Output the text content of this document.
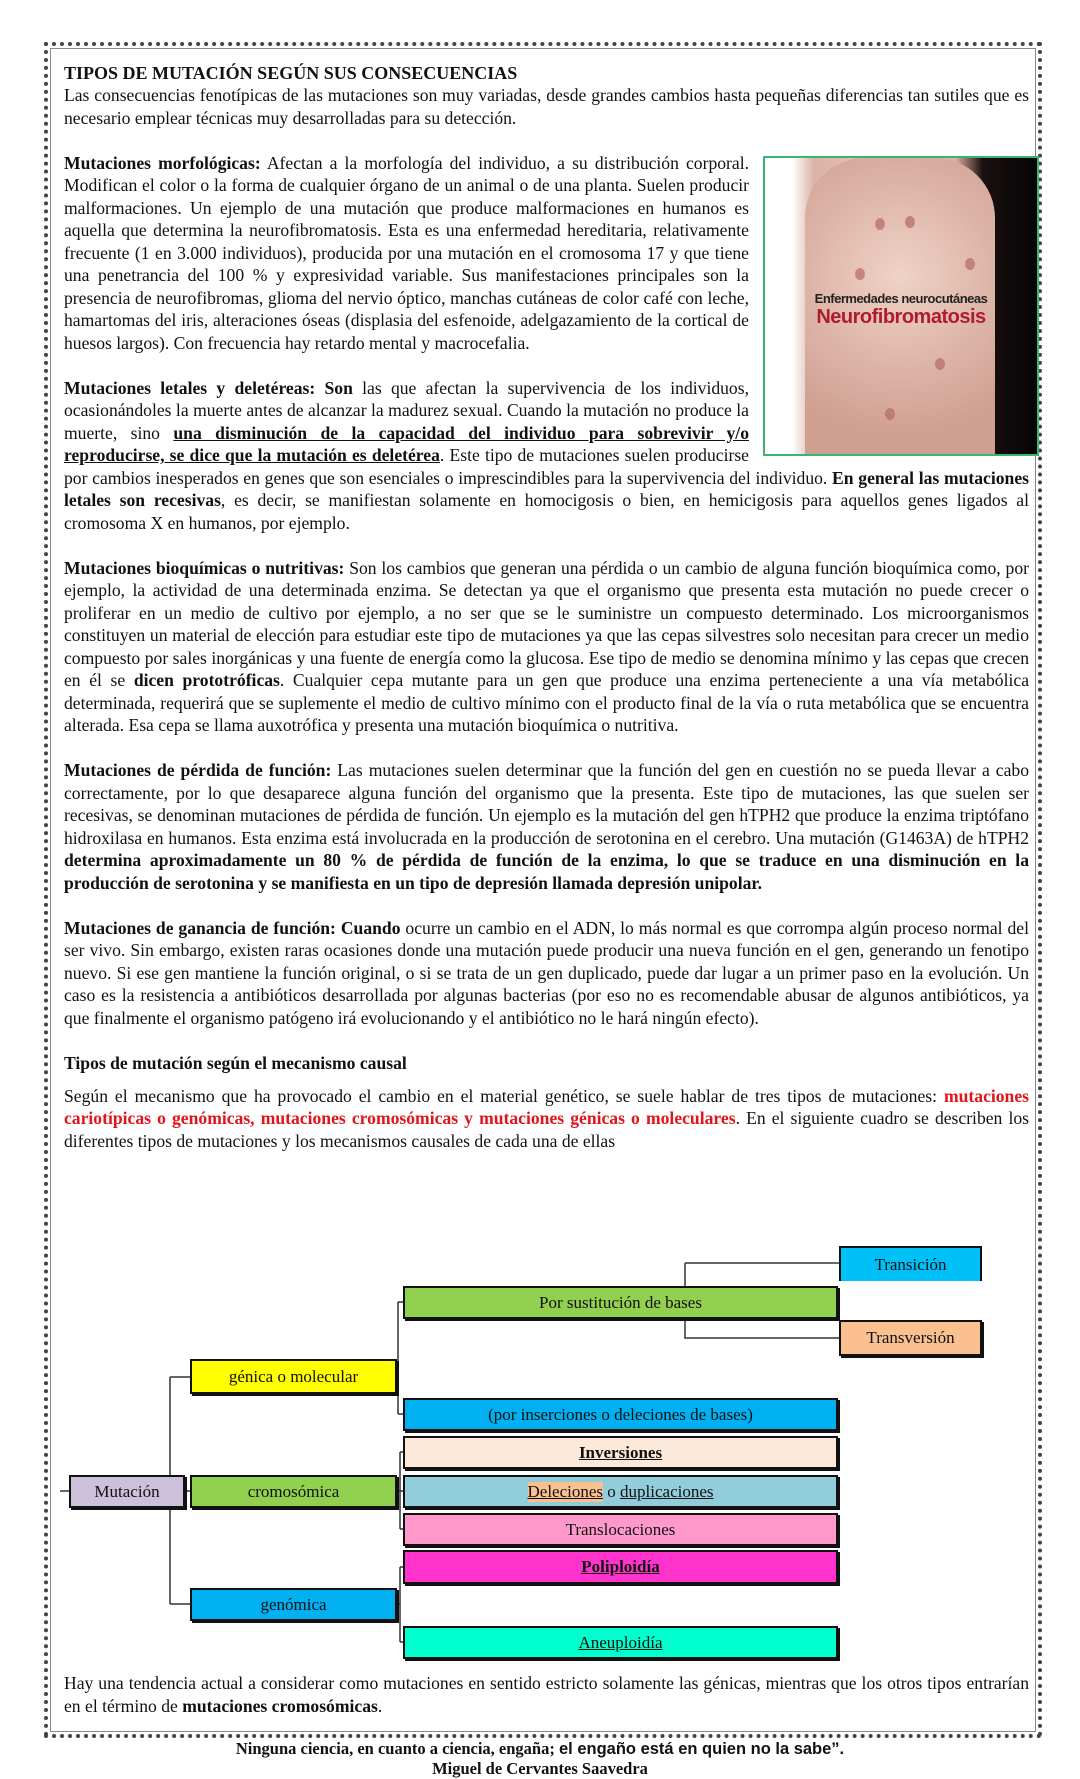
TIPOS DE MUTACIÓN SEGÚN SUS CONSECUENCIAS

Las consecuencias fenotípicas de las mutaciones son muy variadas, desde grandes cambios hasta pequeñas diferencias tan sutiles que es necesario emplear técnicas muy desarrolladas para su detección.

Enfermedades neurocutáneas
Neurofibromatosis

Mutaciones morfológicas: Afectan a la morfología del individuo, a su distribución corporal. Modifican el color o la forma de cualquier órgano de un animal o de una planta. Suelen producir malformaciones. Un ejemplo de una mutación que produce malformaciones en humanos es aquella que determina la neurofibromatosis. Esta es una enfermedad hereditaria, relativamente frecuente (1 en 3.000 individuos), producida por una mutación en el cromosoma 17 y que tiene una penetrancia del 100 % y expresividad variable. Sus manifestaciones principales son la presencia de neurofibromas, glioma del nervio óptico, manchas cutáneas de color café con leche, hamartomas del iris, alteraciones óseas (displasia del esfenoide, adelgazamiento de la cortical de huesos largos). Con frecuencia hay retardo mental y macrocefalia.

Mutaciones letales y deletéreas: Son las que afectan la supervivencia de los individuos, ocasionándoles la muerte antes de alcanzar la madurez sexual. Cuando la mutación no produce la muerte, sino una disminución de la capacidad del individuo para sobrevivir y/o reproducirse, se dice que la mutación es deletérea. Este tipo de mutaciones suelen producirse por cambios inesperados en genes que son esenciales o imprescindibles para la supervivencia del individuo. En general las mutaciones letales son recesivas, es decir, se manifiestan solamente en homocigosis o bien, en hemicigosis para aquellos genes ligados al cromosoma X en humanos, por ejemplo.

Mutaciones bioquímicas o nutritivas: Son los cambios que generan una pérdida o un cambio de alguna función bioquímica como, por ejemplo, la actividad de una determinada enzima. Se detectan ya que el organismo que presenta esta mutación no puede crecer o proliferar en un medio de cultivo por ejemplo, a no ser que se le suministre un compuesto determinado. Los microorganismos constituyen un material de elección para estudiar este tipo de mutaciones ya que las cepas silvestres solo necesitan para crecer un medio compuesto por sales inorgánicas y una fuente de energía como la glucosa. Ese tipo de medio se denomina mínimo y las cepas que crecen en él se dicen prototróficas. Cualquier cepa mutante para un gen que produce una enzima perteneciente a una vía metabólica determinada, requerirá que se suplemente el medio de cultivo mínimo con el producto final de la vía o ruta metabólica que se encuentra alterada. Esa cepa se llama auxotrófica y presenta una mutación bioquímica o nutritiva.

Mutaciones de pérdida de función: Las mutaciones suelen determinar que la función del gen en cuestión no se pueda llevar a cabo correctamente, por lo que desaparece alguna función del organismo que la presenta. Este tipo de mutaciones, las que suelen ser recesivas, se denominan mutaciones de pérdida de función. Un ejemplo es la mutación del gen hTPH2 que produce la enzima triptófano hidroxilasa en humanos. Esta enzima está involucrada en la producción de serotonina en el cerebro. Una mutación (G1463A) de hTPH2 determina aproximadamente un 80 % de pérdida de función de la enzima, lo que se traduce en una disminución en la producción de serotonina y se manifiesta en un tipo de depresión llamada depresión unipolar.

Mutaciones de ganancia de función: Cuando ocurre un cambio en el ADN, lo más normal es que corrompa algún proceso normal del ser vivo. Sin embargo, existen raras ocasiones donde una mutación puede producir una nueva función en el gen, generando un fenotipo nuevo. Si ese gen mantiene la función original, o si se trata de un gen duplicado, puede dar lugar a un primer paso en la evolución. Un caso es la resistencia a antibióticos desarrollada por algunas bacterias (por eso no es recomendable abusar de algunos antibióticos, ya que finalmente el organismo patógeno irá evolucionando y el antibiótico no le hará ningún efecto).

Tipos de mutación según el mecanismo causal

Según el mecanismo que ha provocado el cambio en el material genético, se suele hablar de tres tipos de mutaciones: mutaciones cariotípicas o genómicas, mutaciones cromosómicas y mutaciones génicas o moleculares. En el siguiente cuadro se describen los diferentes tipos de mutaciones y los mecanismos causales de cada una de ellas

Mutación
génica o molecular
cromosómica
genómica
Por sustitución de bases
Transición
Transversión
(por inserciones o deleciones de bases)
Inversiones
Deleciones o duplicaciones
Translocaciones
Poliploidía
Aneuploidía

Hay una tendencia actual a considerar como mutaciones en sentido estricto solamente las génicas, mientras que los otros tipos entrarían en el término de mutaciones cromosómicas.

Ninguna ciencia, en cuanto a ciencia, engaña; el engaño está en quien no la sabe”.
Miguel de Cervantes Saavedra
